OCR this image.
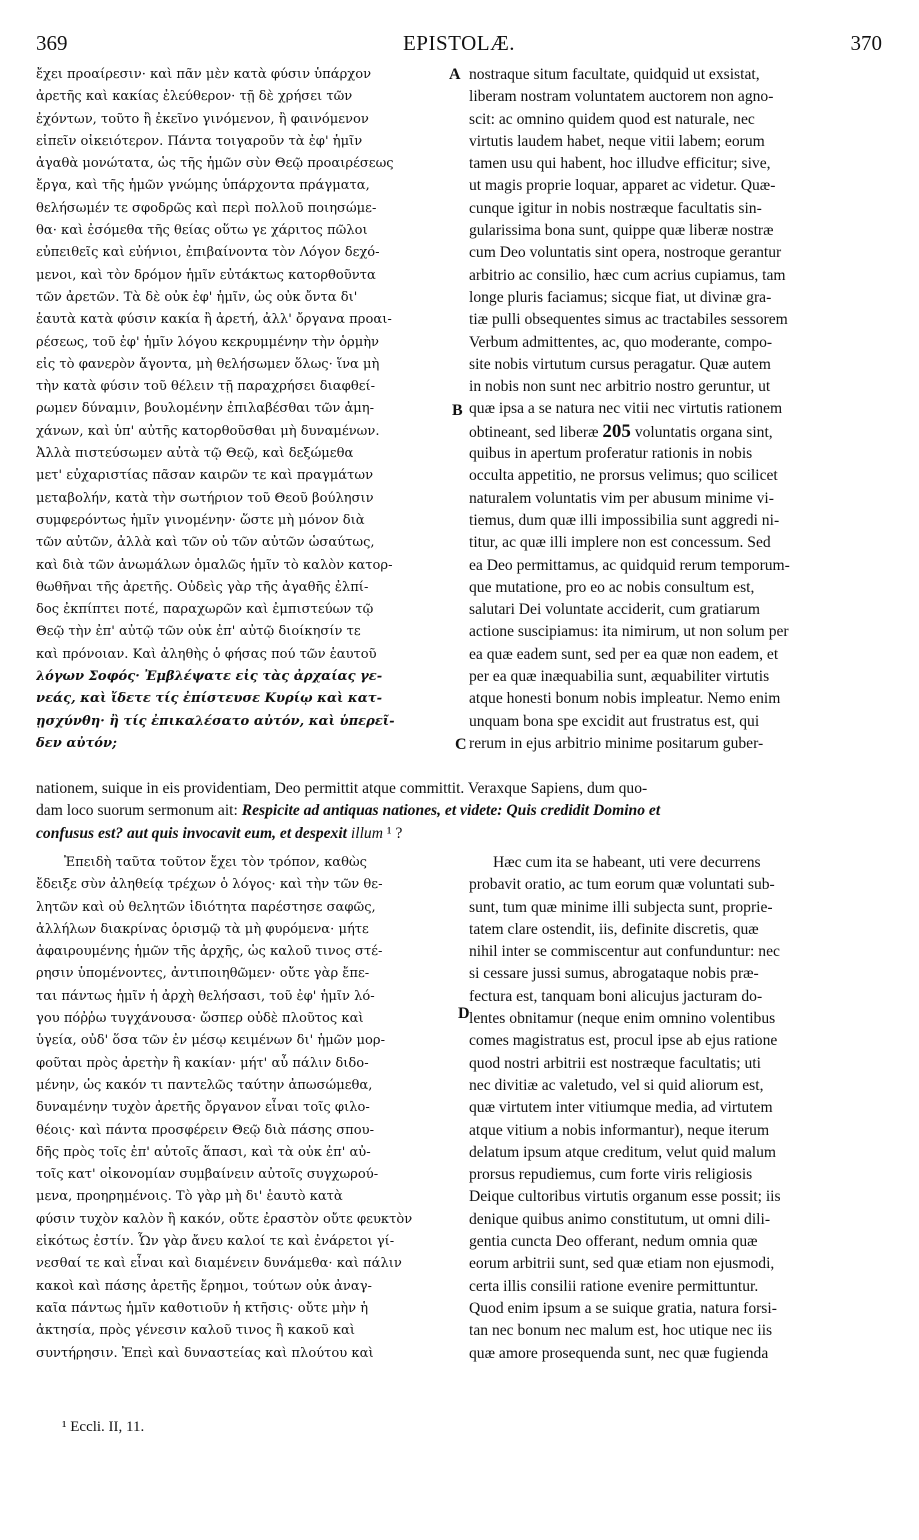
369	EPISTOLÆ.	370
ἔχει προαίρεσιν· καὶ πᾶν μὲν κατὰ φύσιν ὑπάρχον
ἀρετῆς καὶ κακίας ἐλεύθερον· τῇ δὲ χρήσει τῶν
ἐχόντων, τοῦτο ἢ ἐκεῖνο γινόμενον, ἢ φαινόμενον
εἰπεῖν οἰκειότερον. Πάντα τοιγαροῦν τὰ ἐφ' ἡμῖν
ἀγαθὰ μονώτατα, ὡς τῆς ἡμῶν σὺν Θεῷ προαιρέσεως
ἔργα, καὶ τῆς ἡμῶν γνώμης ὑπάρχοντα πράγματα,
θελήσωμέν τε σφοδρῶς καὶ περὶ πολλοῦ ποιησώμε-
θα· καὶ ἐσόμεθα τῆς θείας οὕτω γε χάριτος πῶλοι
εὐπειθεῖς καὶ εὐήνιοι, ἐπιβαίνοντα τὸν Λόγον δεχό-
μενοι, καὶ τὸν δρόμον ἡμῖν εὐτάκτως κατορθοῦντα
τῶν ἀρετῶν. Τὰ δὲ οὐκ ἐφ' ἡμῖν, ὡς οὐκ ὄντα δι'
ἑαυτὰ κατὰ φύσιν κακία ἢ ἀρετή, ἀλλ' ὄργανα προαι-
ρέσεως, τοῦ ἐφ' ἡμῖν λόγου κεκρυμμένην τὴν ὁρμὴν
εἰς τὸ φανερὸν ἄγοντα, μὴ θελήσωμεν ὅλως· ἵνα μὴ
τὴν κατὰ φύσιν τοῦ θέλειν τῇ παραχρήσει διαφθεί-
ρωμεν δύναμιν, βουλομένην ἐπιλαβέσθαι τῶν ἀμη-
χάνων, καὶ ὑπ' αὐτῆς κατορθοῦσθαι μὴ δυναμένων.
Ἀλλὰ πιστεύσωμεν αὐτὰ τῷ Θεῷ, καὶ δεξώμεθα
μετ' εὐχαριστίας πᾶσαν καιρῶν τε καὶ πραγμάτων
μεταβολήν, κατὰ τὴν σωτήριον τοῦ Θεοῦ βούλησιν
συμφερόντως ἡμῖν γινομένην· ὥστε μὴ μόνον διὰ
τῶν αὐτῶν, ἀλλὰ καὶ τῶν οὐ τῶν αὐτῶν ὡσαύτως,
καὶ διὰ τῶν ἀνωμάλων ὁμαλῶς ἡμῖν τὸ καλὸν κατορ-
θωθῆναι τῆς ἀρετῆς. Οὐδεὶς γὰρ τῆς ἀγαθῆς ἐλπί-
δος ἐκπίπτει ποτέ, παραχωρῶν καὶ ἐμπιστεύων τῷ
Θεῷ τὴν ἐπ' αὐτῷ τῶν οὐκ ἐπ' αὐτῷ διοίκησίν τε
καὶ πρόνοιαν. Καὶ ἀληθὴς ὁ φήσας πού τῶν ἑαυτοῦ
λόγων Σοφός· Ἐμβλέψατε εἰς τὰς ἀρχαίας γε-
νεάς, καὶ ἴδετε τίς ἐπίστευσε Κυρίῳ καὶ κατ-
ῃσχύνθη· ἢ τίς ἐπικαλέσατο αὐτόν, καὶ ὑπερεῖ-
δεν αὐτόν;
A
B
C
D
nostraque situm facultate, quidquid ut exsistat,
liberam nostram voluntatem auctorem non agno-
scit: ac omnino quidem quod est naturale, nec
virtutis laudem habet, neque vitii labem; eorum
tamen usu qui habent, hoc illudve efficitur; sive,
ut magis proprie loquar, apparet ac videtur. Quæ-
cunque igitur in nobis nostræque facultatis sin-
gularissima bona sunt, quippe quæ liberæ nostræ
cum Deo voluntatis sint opera, nostroque gerantur
arbitrio ac consilio, hæc cum acrius cupiamus, tam
longe pluris faciamus; sicque fiat, ut divinæ gra-
tiæ pulli obsequentes simus ac tractabiles sessorem
Verbum admittentes, ac, quo moderante, compo-
site nobis virtutum cursus peragatur. Quæ autem
in nobis non sunt nec arbitrio nostro geruntur, ut
quæ ipsa a se natura nec vitii nec virtutis rationem
obtineant, sed liberæ 205 voluntatis organa sint,
quibus in apertum proferatur rationis in nobis
occulta appetitio, ne prorsus velimus; quo scilicet
naturalem voluntatis vim per abusum minime vi-
tiemus, dum quæ illi impossibilia sunt aggredi ni-
titur, ac quæ illi implere non est concessum. Sed
ea Deo permittamus, ac quidquid rerum temporum-
que mutatione, pro eo ac nobis consultum est,
salutari Dei voluntate acciderit, cum gratiarum
actione suscipiamus: ita nimirum, ut non solum per
ea quæ eadem sunt, sed per ea quæ non eadem, et
per ea quæ inæquabilia sunt, æquabiliter virtutis
atque honesti bonum nobis impleatur. Nemo enim
unquam bona spe excidit aut frustratus est, qui
rerum in ejus arbitrio minime positarum guber-
nationem, suique in eis providentiam, Deo permittit atque committit. Veraxque Sapiens, dum quo-
dam loco suorum sermonum ait: Respicite ad antiquas nationes, et videte: Quis credidit Domino et
confusus est? aut quis invocavit eum, et despexit illum ¹ ?
Ἐπειδὴ ταῦτα τοῦτον ἔχει τὸν τρόπον, καθὼς
ἔδειξε σὺν ἀληθείᾳ τρέχων ὁ λόγος· καὶ τὴν τῶν θε-
λητῶν καὶ οὐ θελητῶν ἰδιότητα παρέστησε σαφῶς,
ἀλλήλων διακρίνας ὁρισμῷ τὰ μὴ φυρόμενα· μήτε
ἀφαιρουμένης ἡμῶν τῆς ἀρχῆς, ὡς καλοῦ τινος στέ-
ρησιν ὑπομένοντες, ἀντιποιηθῶμεν· οὔτε γὰρ ἔπε-
ται πάντως ἡμῖν ἡ ἀρχὴ θελήσασι, τοῦ ἐφ' ἡμῖν λό-
γου πόῤῥω τυγχάνουσα· ὥσπερ οὐδὲ πλοῦτος καὶ
ὑγεία, οὐδ' ὅσα τῶν ἐν μέσῳ κειμένων δι' ἡμῶν μορ-
φοῦται πρὸς ἀρετὴν ἢ κακίαν· μήτ' αὖ πάλιν διδο-
μένην, ὡς κακόν τι παντελῶς ταύτην ἀπωσώμεθα,
δυναμένην τυχὸν ἀρετῆς ὄργανον εἶναι τοῖς φιλο-
θέοις· καὶ πάντα προσφέρειν Θεῷ διὰ πάσης σπου-
δῆς πρὸς τοῖς ἐπ' αὐτοῖς ἅπασι, καὶ τὰ οὐκ ἐπ' αὐ-
τοῖς κατ' οἰκονομίαν συμβαίνειν αὐτοῖς συγχωρού-
μενα, προηρημένοις. Τὸ γὰρ μὴ δι' ἑαυτὸ κατὰ
φύσιν τυχὸν καλὸν ἢ κακόν, οὔτε ἐραστὸν οὔτε φευκτὸν
εἰκότως ἐστίν. Ὧν γὰρ ἄνευ καλοί τε καὶ ἐνάρετοι γί-
νεσθαί τε καὶ εἶναι καὶ διαμένειν δυνάμεθα· καὶ πάλιν
κακοὶ καὶ πάσης ἀρετῆς ἔρημοι, τούτων οὐκ ἀναγ-
καῖα πάντως ἡμῖν καθοτιοῦν ἡ κτῆσις· οὔτε μὴν ἡ
ἀκτησία, πρὸς γένεσιν καλοῦ τινος ἢ κακοῦ καὶ
συντήρησιν. Ἐπεὶ καὶ δυναστείας καὶ πλούτου καὶ
Hæc cum ita se habeant, uti vere decurrens
probavit oratio, ac tum eorum quæ voluntati sub-
sunt, tum quæ minime illi subjecta sunt, proprie-
tatem clare ostendit, iis, definite discretis, quæ
nihil inter se commiscentur aut confunduntur: nec
si cessare jussi sumus, abrogataque nobis præ-
fectura est, tanquam boni alicujus jacturam do-
lentes obnitamur (neque enim omnino volentibus
comes magistratus est, procul ipse ab ejus ratione
quod nostri arbitrii est nostræque facultatis; uti
nec divitiæ ac valetudo, vel si quid aliorum est,
quæ virtutem inter vitiumque media, ad virtutem
atque vitium a nobis informantur), neque iterum
delatum ipsum atque creditum, velut quid malum
prorsus repudiemus, cum forte viris religiosis
Deique cultoribus virtutis organum esse possit; iis
denique quibus animo constitutum, ut omni dili-
gentia cuncta Deo offerant, nedum omnia quæ
eorum arbitrii sunt, sed quæ etiam non ejusmodi,
certa illis consilii ratione evenire permittuntur.
Quod enim ipsum a se suique gratia, natura forsi-
tan nec bonum nec malum est, hoc utique nec iis
quæ amore prosequenda sunt, nec quæ fugienda
¹ Eccli. II, 11.
